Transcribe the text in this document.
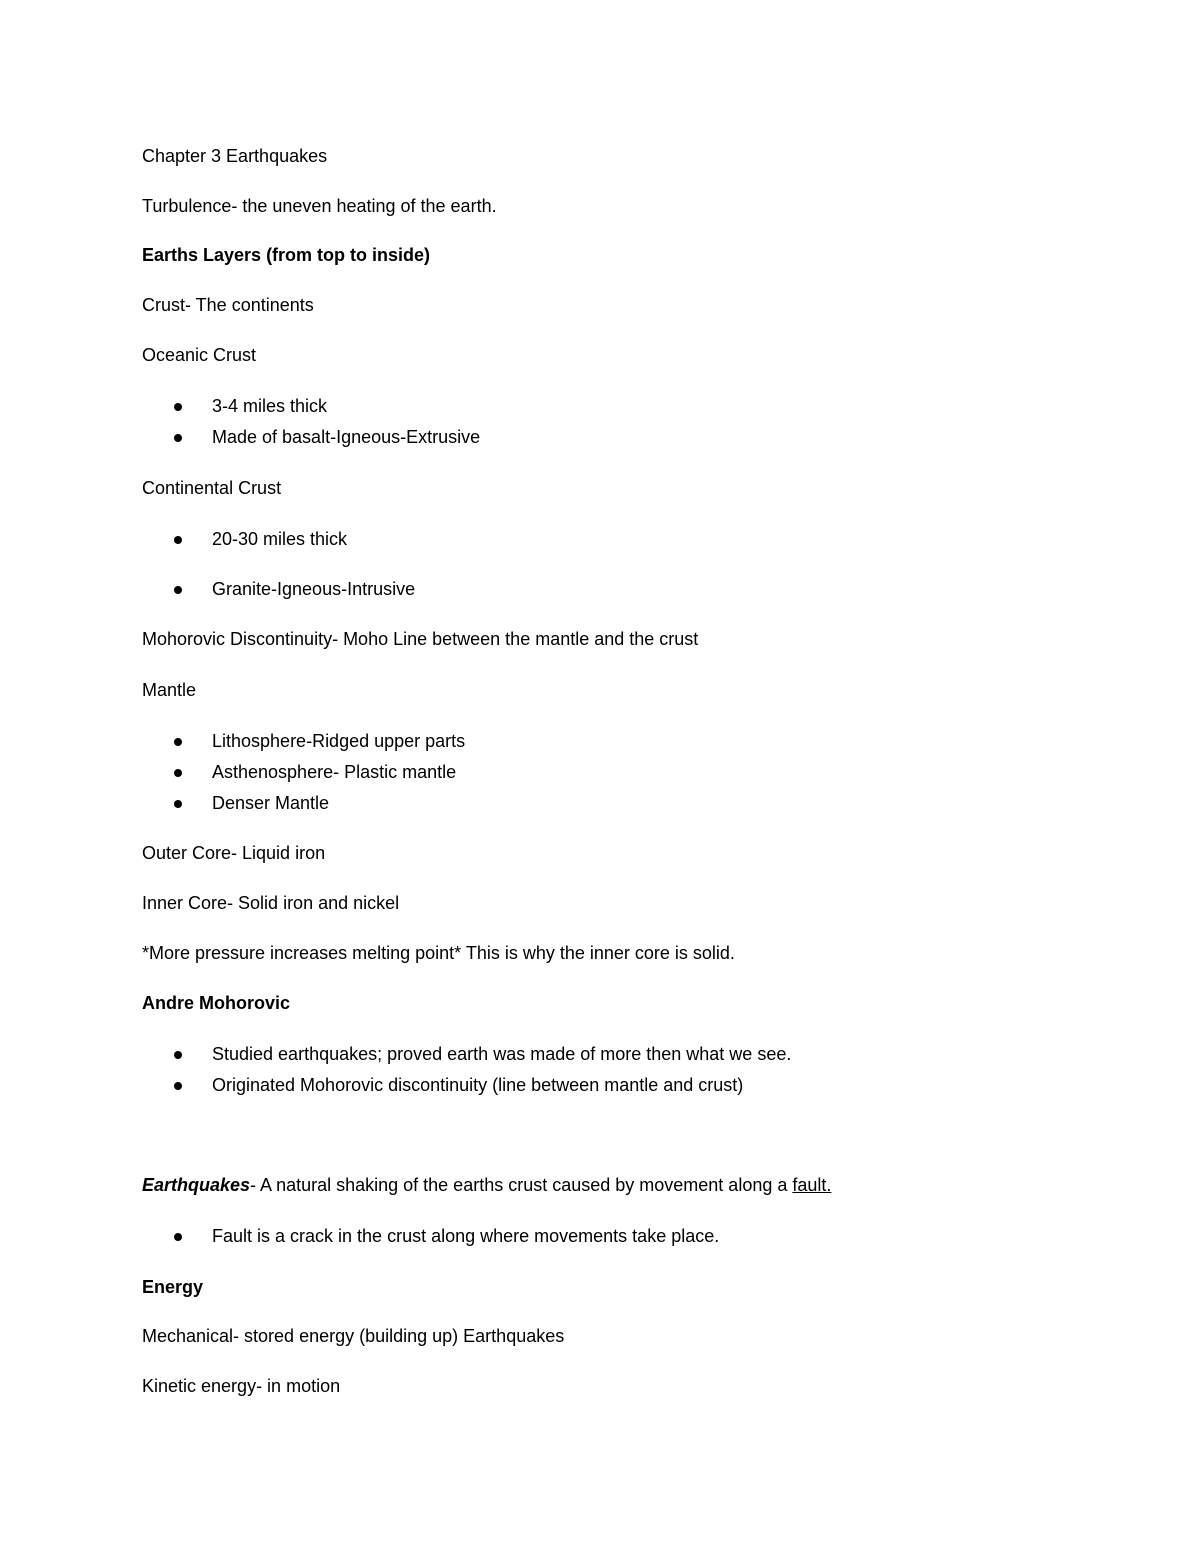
Chapter 3 Earthquakes
Turbulence- the uneven heating of the earth.
Earths Layers (from top to inside)
Crust- The continents
Oceanic Crust
3-4 miles thick
Made of basalt-Igneous-Extrusive
Continental Crust
20-30 miles thick
Granite-Igneous-Intrusive
Mohorovic Discontinuity- Moho Line between the mantle and the crust
Mantle
Lithosphere-Ridged upper parts
Asthenosphere- Plastic mantle
Denser Mantle
Outer Core- Liquid iron
Inner Core- Solid iron and nickel
*More pressure increases melting point* This is why the inner core is solid.
Andre Mohorovic
Studied earthquakes; proved earth was made of more then what we see.
Originated Mohorovic discontinuity (line between mantle and crust)
Earthquakes- A natural shaking of the earths crust caused by movement along a fault.
Fault is a crack in the crust along where movements take place.
Energy
Mechanical- stored energy (building up) Earthquakes
Kinetic energy- in motion
